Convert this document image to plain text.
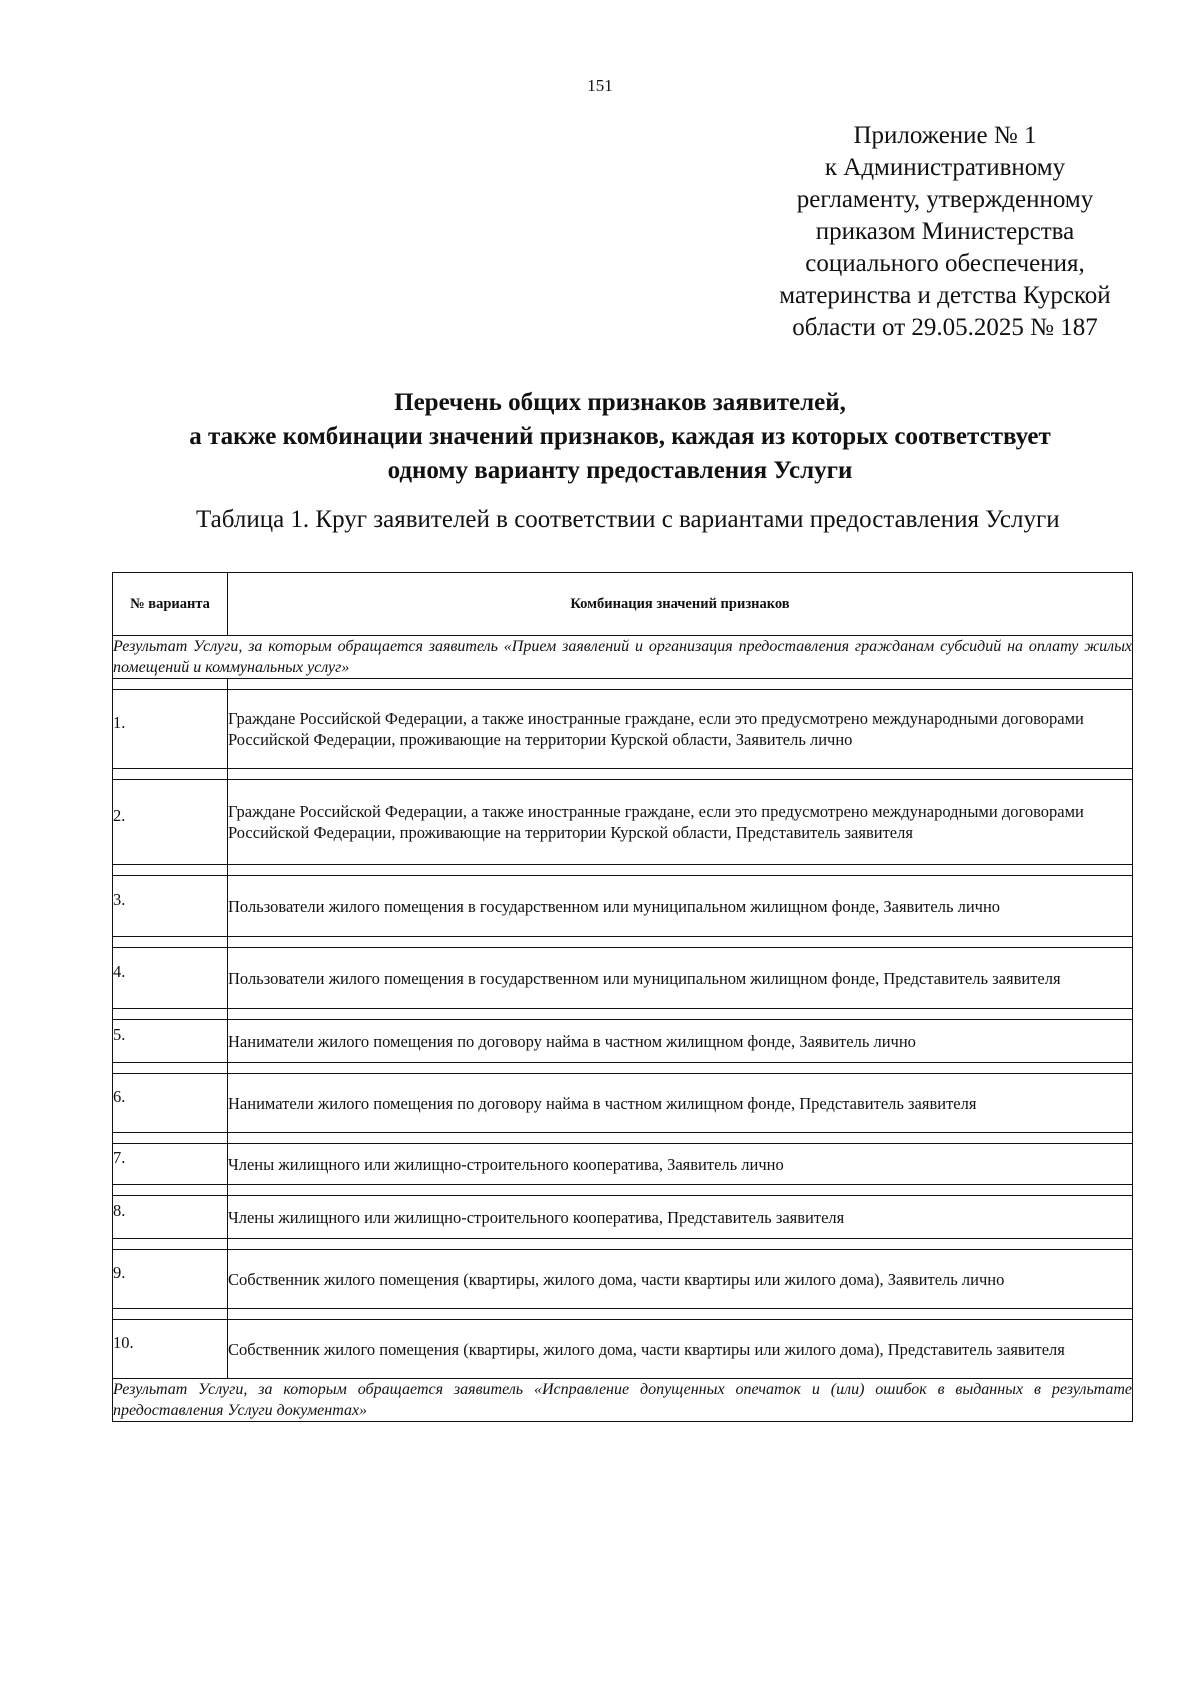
151
Приложение № 1
к Административному
регламенту, утвержденному
приказом Министерства
социального обеспечения,
материнства и детства Курской
области от 29.05.2025 № 187
Перечень общих признаков заявителей,
а также комбинации значений признаков, каждая из которых соответствует
одному варианту предоставления Услуги
Таблица 1. Круг заявителей в соответствии с вариантами предоставления Услуги
№ варианта	Комбинация значений признаков
Результат Услуги, за которым обращается заявитель «Прием заявлений и организация предоставления гражданам субсидий на оплату жилых помещений и коммунальных услуг»	

1.	Граждане Российской Федерации, а также иностранные граждане, если это предусмотрено международными договорами Российской Федерации, проживающие на территории Курской области, Заявитель лично

2.	Граждане Российской Федерации, а также иностранные граждане, если это предусмотрено международными договорами Российской Федерации, проживающие на территории Курской области, Представитель заявителя

3.	Пользователи жилого помещения в государственном или муниципальном жилищном фонде, Заявитель лично

4.	Пользователи жилого помещения в государственном или муниципальном жилищном фонде, Представитель заявителя

5.	Наниматели жилого помещения по договору найма в частном жилищном фонде, Заявитель лично

6.	Наниматели жилого помещения по договору найма в частном жилищном фонде, Представитель заявителя

7.	Члены жилищного или жилищно-строительного кооператива, Заявитель лично

8.	Члены жилищного или жилищно-строительного кооператива, Представитель заявителя

9.	Собственник жилого помещения (квартиры, жилого дома, части квартиры или жилого дома), Заявитель лично

10.	Собственник жилого помещения (квартиры, жилого дома, части квартиры или жилого дома), Представитель заявителя
Результат Услуги, за которым обращается заявитель «Исправление допущенных опечаток и (или) ошибок в выданных в результате предоставления Услуги документах»	
